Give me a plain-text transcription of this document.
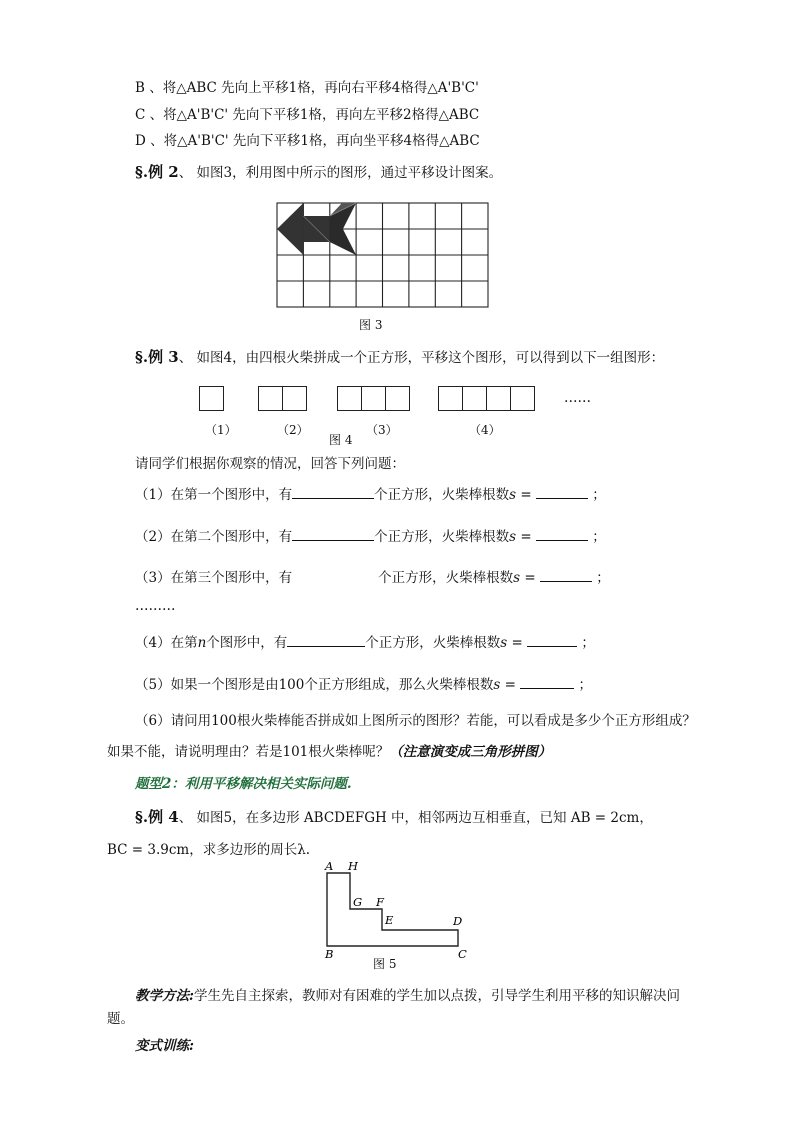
B 、将△ABC 先向上平移1格，再向右平移4格得△A'B'C'
C 、将△A'B'C' 先向下平移1格，再向左平移2格得△ABC
D 、将△A'B'C' 先向下平移1格，再向坐平移4格得△ABC
§.例 2、 如图3，利用图中所示的图形，通过平移设计图案。
图 3
§.例 3、 如图4，由四根火柴拼成一个正方形，平移这个图形，可以得到以下一组图形：
……
（1）	（2）	（3）	（4）
图 4
请同学们根据你观察的情况，回答下列问题：
（1）在第一个图形中，有	个正方形，火柴棒根数s =	；
（2）在第二个图形中，有	个正方形，火柴棒根数s =	；
（3）在第三个图形中，有	个正方形，火柴棒根数s =	；
………
（4）在第n个图形中，有	个正方形，火柴棒根数s =	；
（5）如果一个图形是由100个正方形组成，那么火柴棒根数s =	；
（6）请问用100根火柴棒能否拼成如上图所示的图形？若能，可以看成是多少个正方形组成？
如果不能，请说明理由？若是101根火柴棒呢？（注意演变成三角形拼图）
题型2：利用平移解决相关实际问题.
§.例 4、 如图5，在多边形 ABCDEFGH 中，相邻两边互相垂直，已知 AB = 2cm，
BC = 3.9cm，求多边形的周长λ.
A H
G F
E	D
B	C
图 5
教学方法:学生先自主探索，教师对有困难的学生加以点拨，引导学生利用平移的知识解决问
题。
变式训练:
